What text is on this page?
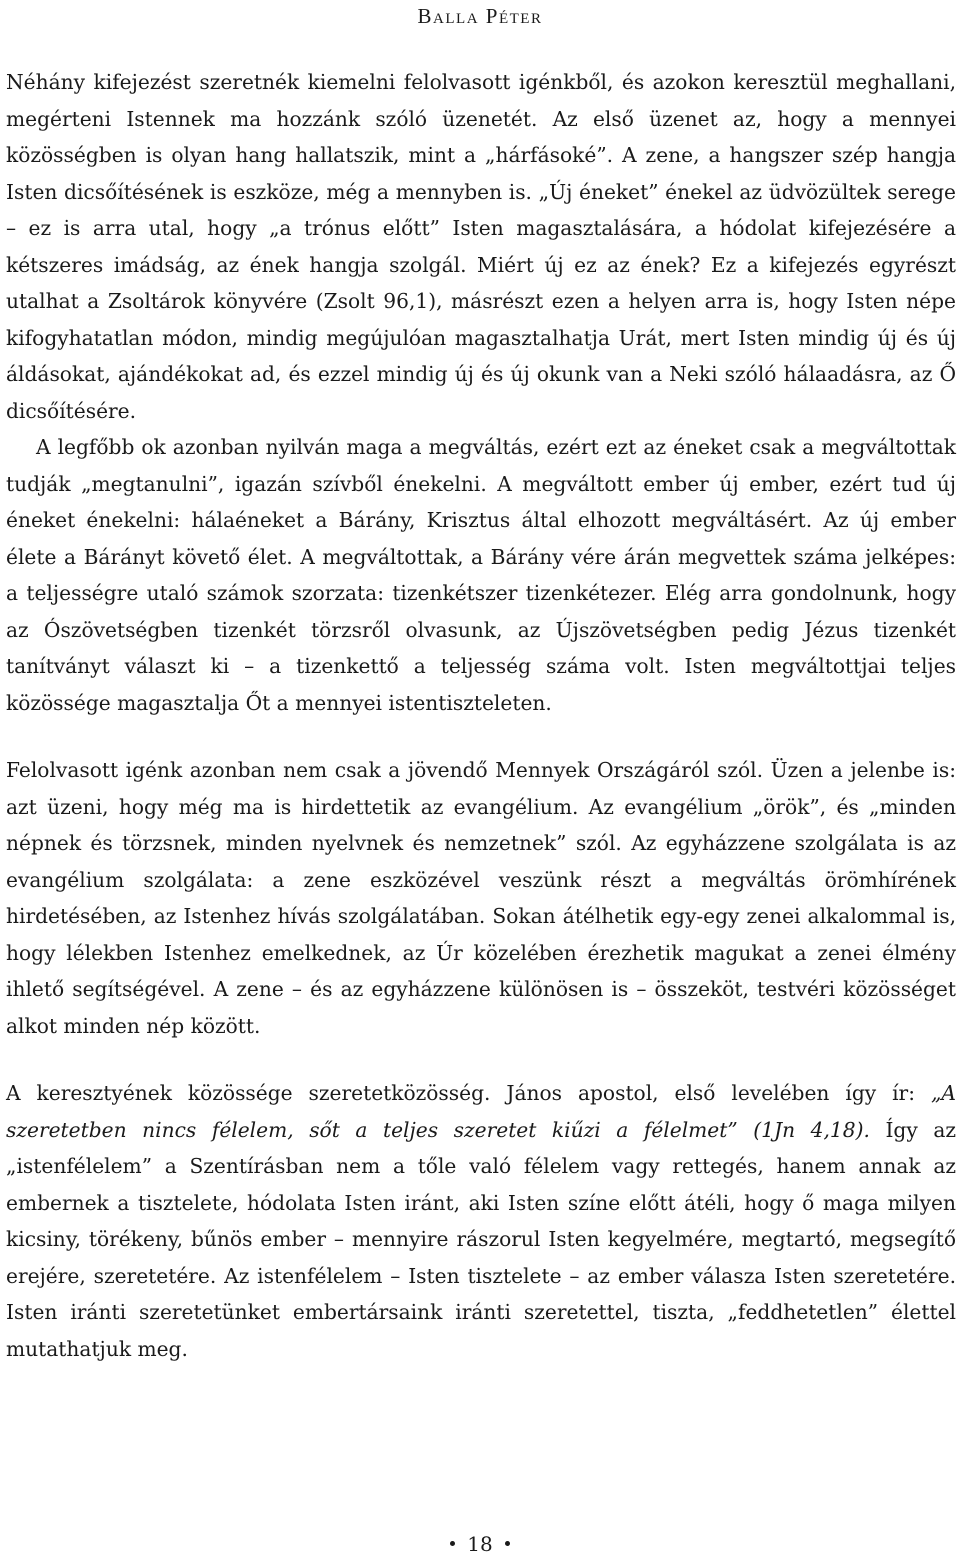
Balla Péter

Néhány kifejezést szeretnék kiemelni felolvasott igénkből, és azokon keresztül meghallani, megérteni Istennek ma hozzánk szóló üzenetét. Az első üzenet az, hogy a mennyei közösségben is olyan hang hallatszik, mint a „hárfásoké”. A zene, a hangszer szép hangja Isten dicsőítésének is eszköze, még a mennyben is. „Új éneket” énekel az üdvözültek serege – ez is arra utal, hogy „a trónus előtt” Isten magasztalására, a hódolat kifejezésére a kétszeres imádság, az ének hangja szolgál. Miért új ez az ének? Ez a kifejezés egyrészt utalhat a Zsoltárok könyvére (Zsolt 96,1), másrészt ezen a helyen arra is, hogy Isten népe kifogyhatatlan módon, mindig megújulóan magasztalhatja Urát, mert Isten mindig új és új áldásokat, ajándékokat ad, és ezzel mindig új és új okunk van a Neki szóló hálaadásra, az Ő dicsőítésére.

A legfőbb ok azonban nyilván maga a megváltás, ezért ezt az éneket csak a megváltottak tudják „megtanulni”, igazán szívből énekelni. A megváltott ember új ember, ezért tud új éneket énekelni: hálaéneket a Bárány, Krisztus által elhozott megváltásért. Az új ember élete a Bárányt követő élet. A megváltottak, a Bárány vére árán megvettek száma jelképes: a teljességre utaló számok szorzata: tizenkétszer tizenkétezer. Elég arra gondolnunk, hogy az Ószövetségben tizenkét törzsről olvasunk, az Újszövetségben pedig Jézus tizenkét tanítványt választ ki – a tizenkettő a teljesség száma volt. Isten megváltottjai teljes közössége magasztalja Őt a mennyei istentiszteleten.

Felolvasott igénk azonban nem csak a jövendő Mennyek Országáról szól. Üzen a jelenbe is: azt üzeni, hogy még ma is hirdettetik az evangélium. Az evangélium „örök”, és „minden népnek és törzsnek, minden nyelvnek és nemzetnek” szól. Az egyházzene szolgálata is az evangélium szolgálata: a zene eszközével veszünk részt a megváltás örömhírének hirdetésében, az Istenhez hívás szolgálatában. Sokan átélhetik egy-egy zenei alkalommal is, hogy lélekben Istenhez emelkednek, az Úr közelében érezhetik magukat a zenei élmény ihlető segítségével. A zene – és az egyházzene különösen is – összeköt, testvéri közösséget alkot minden nép között.

A keresztyének közössége szeretetközösség. János apostol, első levelében így ír: „A szeretetben nincs félelem, sőt a teljes szeretet kiűzi a félelmet” (1Jn 4,18). Így az „istenfélelem” a Szentírásban nem a tőle való félelem vagy rettegés, hanem annak az embernek a tisztelete, hódolata Isten iránt, aki Isten színe előtt átéli, hogy ő maga milyen kicsiny, törékeny, bűnös ember – mennyire rászorul Isten kegyelmére, megtartó, megsegítő erejére, szeretetére. Az istenfélelem – Isten tisztelete – az ember válasza Isten szeretetére. Isten iránti szeretetünket embertársaink iránti szeretettel, tiszta, „feddhetetlen” élettel mutathatjuk meg.

18
